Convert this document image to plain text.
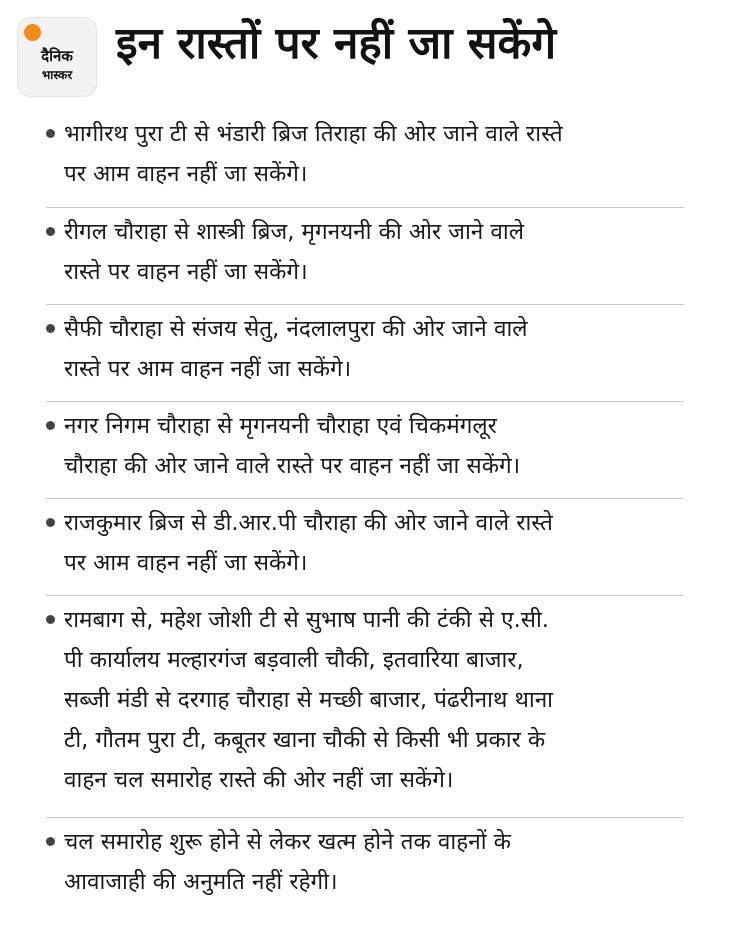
दैनिक
भास्कर
इन रास्तों पर नहीं जा सकेंगे

भागीरथ पुरा टी से भंडारी ब्रिज तिराहा की ओर जाने वाले रास्ते
पर आम वाहन नहीं जा सकेंगे।

रीगल चौराहा से शास्त्री ब्रिज, मृगनयनी की ओर जाने वाले
रास्ते पर वाहन नहीं जा सकेंगे।

सैफी चौराहा से संजय सेतु, नंदलालपुरा की ओर जाने वाले
रास्ते पर आम वाहन नहीं जा सकेंगे।

नगर निगम चौराहा से मृगनयनी चौराहा एवं चिकमंगलूर
चौराहा की ओर जाने वाले रास्ते पर वाहन नहीं जा सकेंगे।

राजकुमार ब्रिज से डी.आर.पी चौराहा की ओर जाने वाले रास्ते
पर आम वाहन नहीं जा सकेंगे।

रामबाग से, महेश जोशी टी से सुभाष पानी की टंकी से ए.सी.
पी कार्यालय मल्हारगंज बड़वाली चौकी, इतवारिया बाजार,
सब्जी मंडी से दरगाह चौराहा से मच्छी बाजार, पंढरीनाथ थाना
टी, गौतम पुरा टी, कबूतर खाना चौकी से किसी भी प्रकार के
वाहन चल समारोह रास्ते की ओर नहीं जा सकेंगे।

चल समारोह शुरू होने से लेकर खत्म होने तक वाहनों के
आवाजाही की अनुमति नहीं रहेगी।
